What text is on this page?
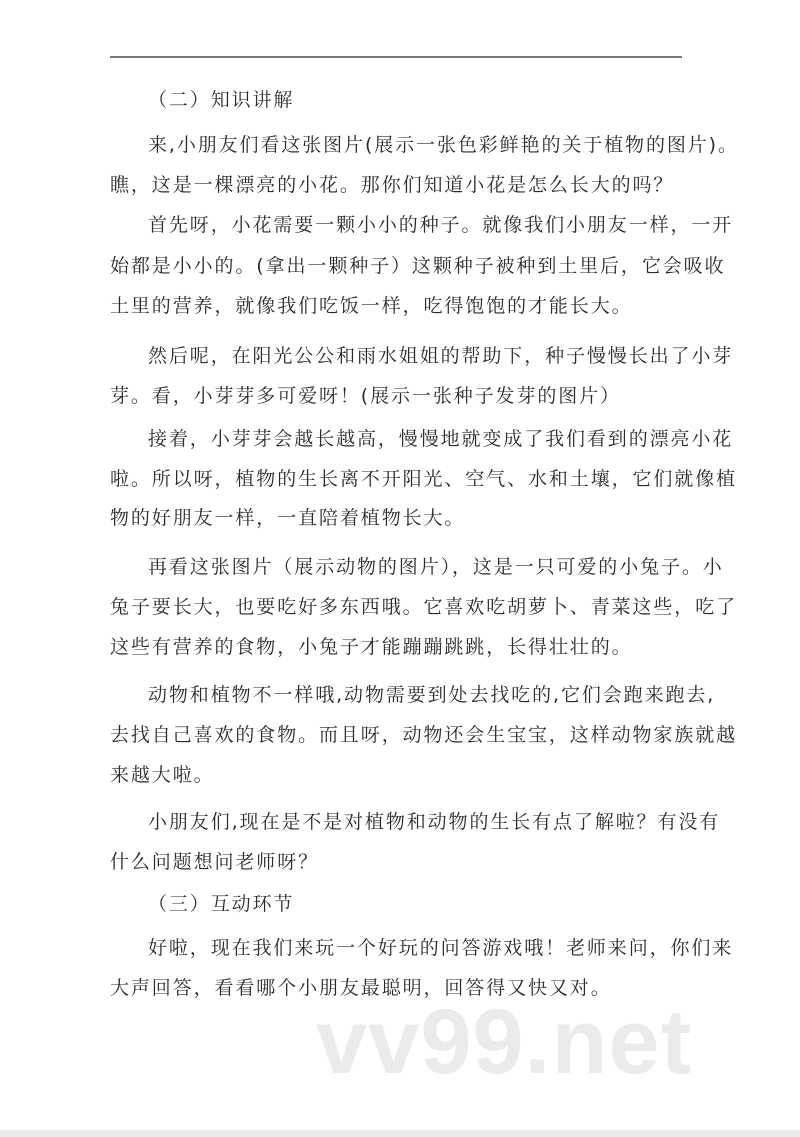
（二）知识讲解
来,小朋友们看这张图片(展示一张色彩鲜艳的关于植物的图片)。
瞧，这是一棵漂亮的小花。那你们知道小花是怎么长大的吗？
首先呀，小花需要一颗小小的种子。就像我们小朋友一样，一开
始都是小小的。(拿出一颗种子）这颗种子被种到土里后，它会吸收
土里的营养，就像我们吃饭一样，吃得饱饱的才能长大。
然后呢，在阳光公公和雨水姐姐的帮助下，种子慢慢长出了小芽
芽。看，小芽芽多可爱呀！(展示一张种子发芽的图片）
接着，小芽芽会越长越高，慢慢地就变成了我们看到的漂亮小花
啦。所以呀，植物的生长离不开阳光、空气、水和土壤，它们就像植
物的好朋友一样，一直陪着植物长大。
再看这张图片（展示动物的图片），这是一只可爱的小兔子。小
兔子要长大，也要吃好多东西哦。它喜欢吃胡萝卜、青菜这些，吃了
这些有营养的食物，小兔子才能蹦蹦跳跳，长得壮壮的。
动物和植物不一样哦,动物需要到处去找吃的,它们会跑来跑去,
去找自己喜欢的食物。而且呀，动物还会生宝宝，这样动物家族就越
来越大啦。
小朋友们,现在是不是对植物和动物的生长有点了解啦？有没有
什么问题想问老师呀？
（三）互动环节
好啦，现在我们来玩一个好玩的问答游戏哦！老师来问，你们来
大声回答，看看哪个小朋友最聪明，回答得又快又对。
vv99.net
